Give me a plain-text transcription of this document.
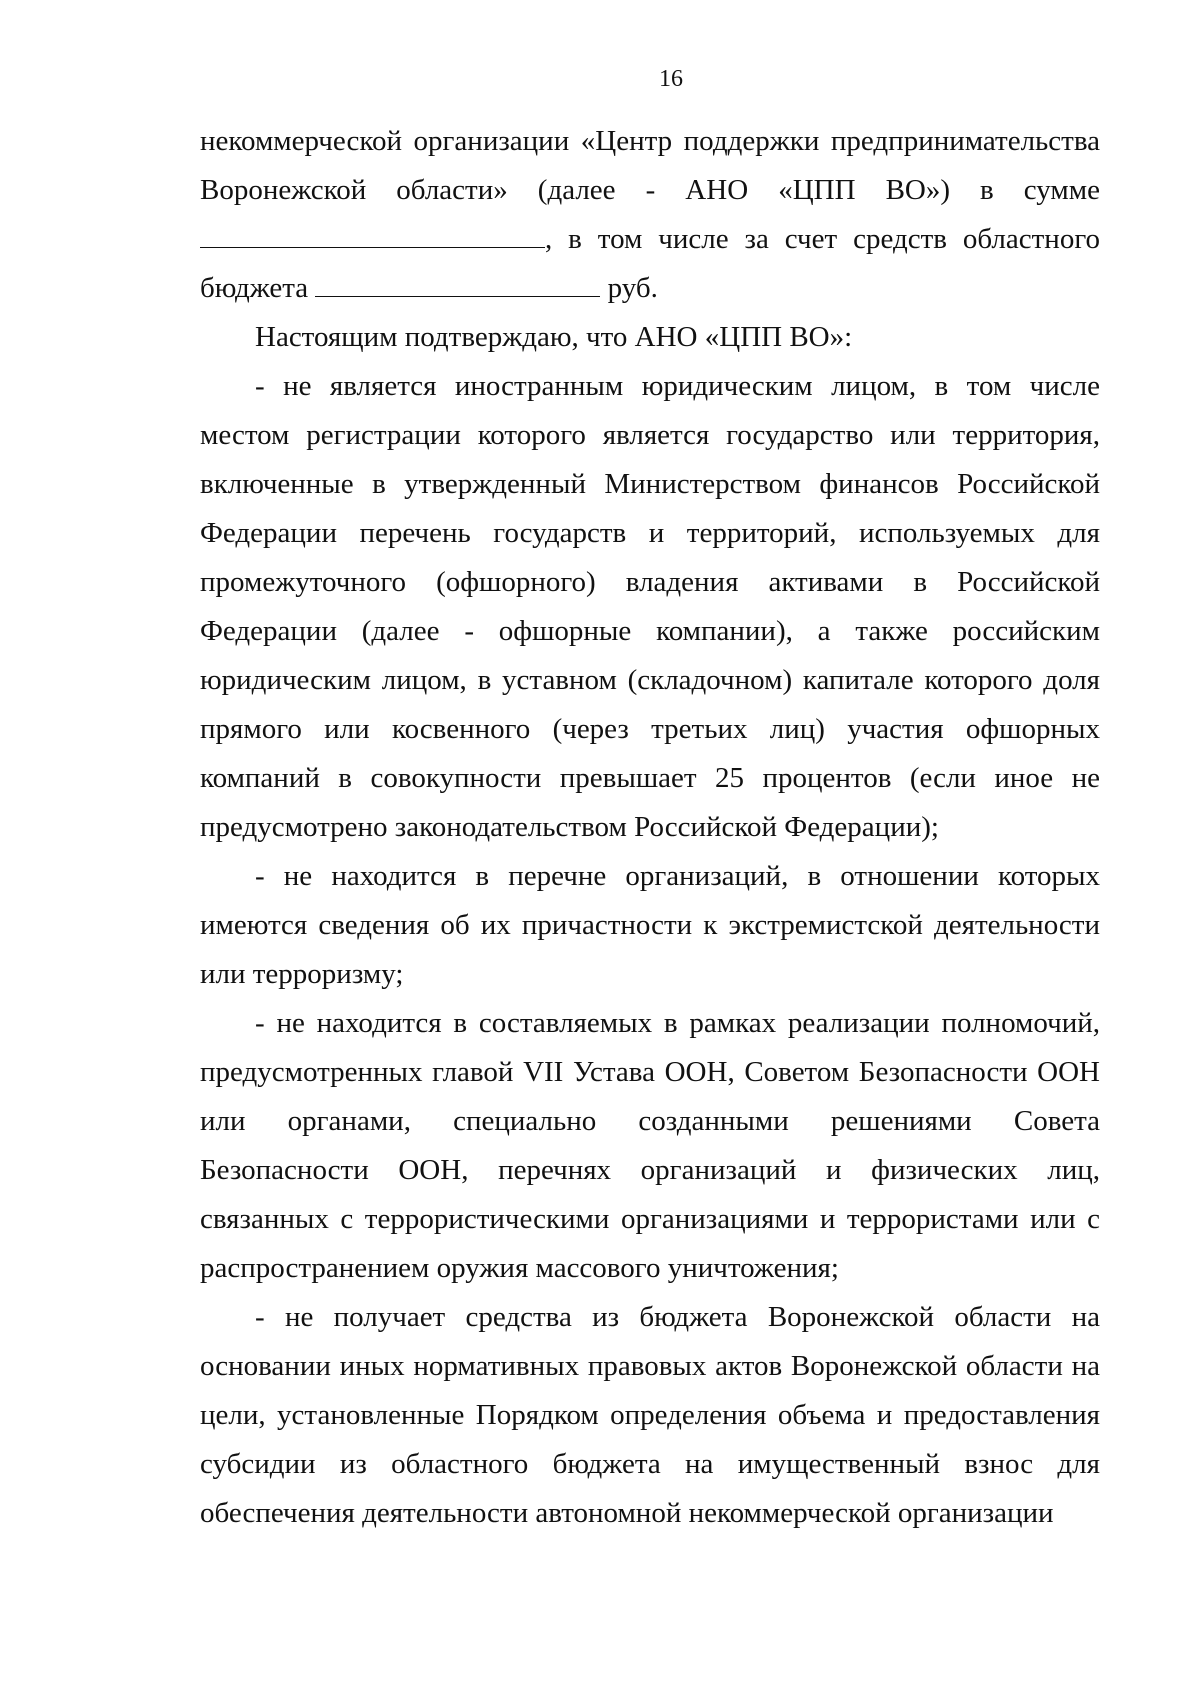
16
некоммерческой организации «Центр поддержки предпринимательства
Воронежской области» (далее - АНО «ЦПП ВО») в сумме
, в том числе за счет средств областного
бюджета	руб.

Настоящим подтверждаю, что АНО «ЦПП ВО»:

- не является иностранным юридическим лицом, в том числе местом регистрации которого является государство или территория, включенные в утвержденный Министерством финансов Российской Федерации перечень государств и территорий, используемых для промежуточного (офшорного) владения активами в Российской Федерации (далее - офшорные компании), а также российским юридическим лицом, в уставном (складочном) капитале которого доля прямого или косвенного (через третьих лиц) участия офшорных компаний в совокупности превышает 25 процентов (если иное не предусмотрено законодательством Российской Федерации);

- не находится в перечне организаций, в отношении которых имеются сведения об их причастности к экстремистской деятельности или терроризму;

- не находится в составляемых в рамках реализации полномочий, предусмотренных главой VII Устава ООН, Советом Безопасности ООН или органами, специально созданными решениями Совета Безопасности ООН, перечнях организаций и физических лиц, связанных с террористическими организациями и террористами или с распространением оружия массового уничтожения;

- не получает средства из бюджета Воронежской области на основании иных нормативных правовых актов Воронежской области на цели, установленные Порядком определения объема и предоставления субсидии из областного бюджета на имущественный взнос для обеспечения деятельности автономной некоммерческой организации
